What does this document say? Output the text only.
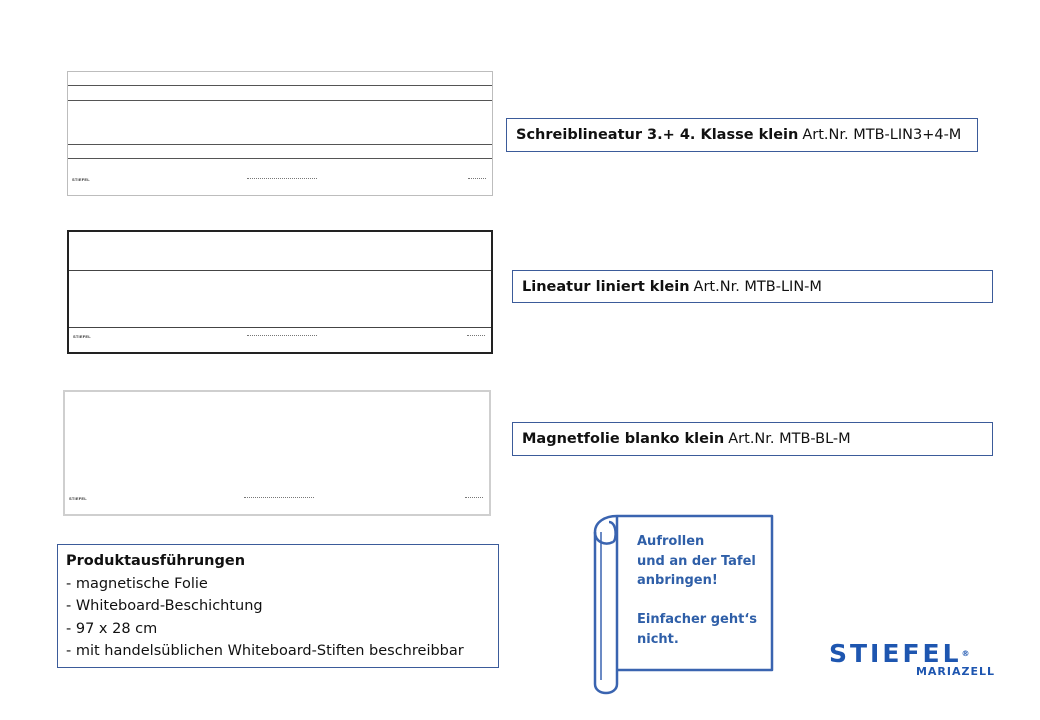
STIEFEL
STIEFEL
STIEFEL
Schreiblineatur 3.+ 4. Klasse klein Art.Nr. MTB-LIN3+4-M
Lineatur liniert klein Art.Nr. MTB-LIN-M
Magnetfolie blanko klein Art.Nr. MTB-BL-M
Produktausführungen
- magnetische Folie
- Whiteboard-Beschichtung
- 97 x 28 cm
- mit handelsüblichen Whiteboard-Stiften beschreibbar
Aufrollen
und an der Tafel
anbringen!
Einfacher geht‘s
nicht.	STIEFEL®
MARIAZELL
